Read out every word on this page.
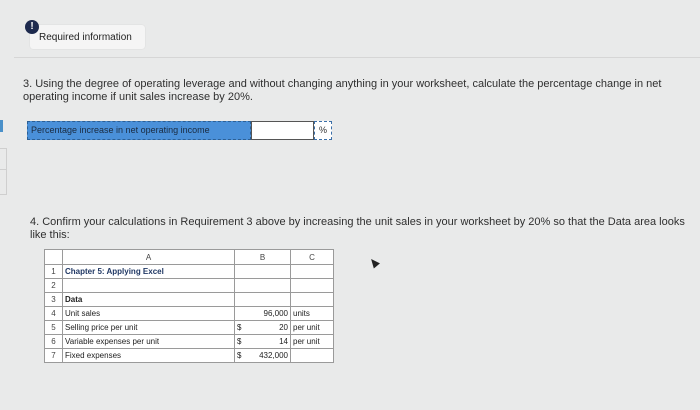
!
Required information
3. Using the degree of operating leverage and without changing anything in your worksheet, calculate the percentage change in net operating income if unit sales increase by 20%.
Percentage increase in net operating income	%
4. Confirm your calculations in Requirement 3 above by increasing the unit sales in your worksheet by 20% so that the Data area looks like this:
	A	B	C
1	Chapter 5: Applying Excel		
2			
3	Data		
4	Unit sales	96,000	units
5	Selling price per unit	$ 20	per unit
6	Variable expenses per unit	$ 14	per unit
7	Fixed expenses	$ 432,000	
